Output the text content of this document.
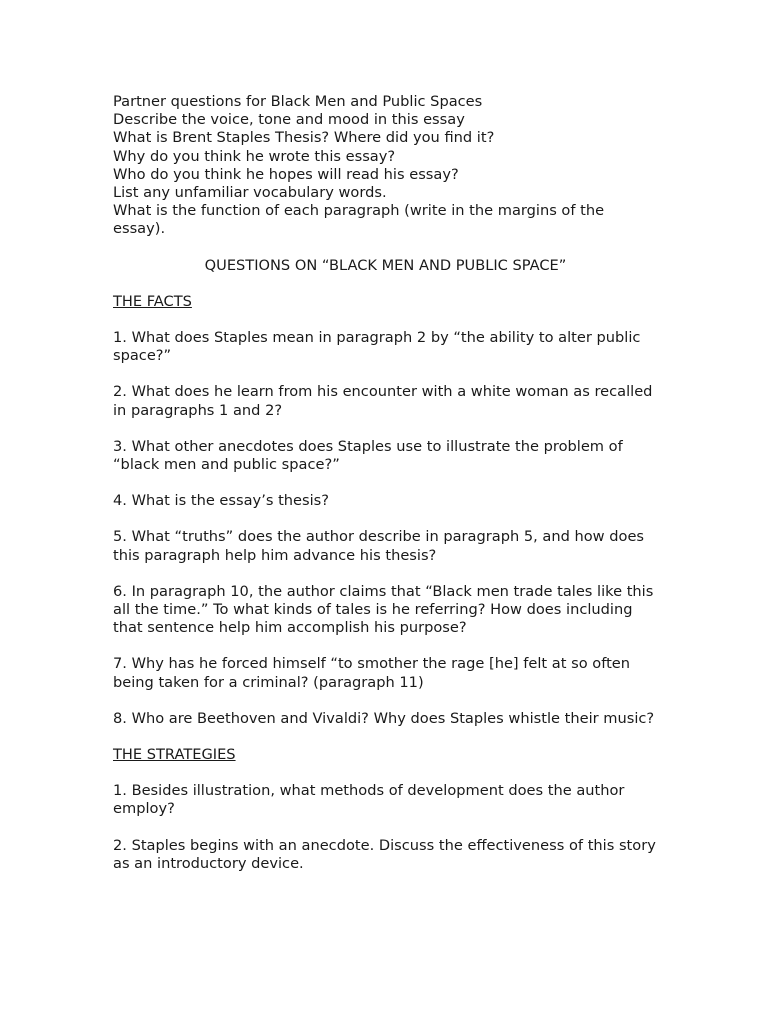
Partner questions for Black Men and Public Spaces
Describe the voice, tone and mood in this essay
What is Brent Staples Thesis? Where did you find it?
Why do you think he wrote this essay?
Who do you think he hopes will read his essay?
List any unfamiliar vocabulary words.
What is the function of each paragraph (write in the margins of the essay).
QUESTIONS ON “BLACK MEN AND PUBLIC SPACE”
THE FACTS
1. What does Staples mean in paragraph 2 by “the ability to alter public space?”
2. What does he learn from his encounter with a white woman as recalled in paragraphs 1 and 2?
3. What other anecdotes does Staples use to illustrate the problem of “black men and public space?”
4. What is the essay’s thesis?
5. What “truths” does the author describe in paragraph 5, and how does this paragraph help him advance his thesis?
6. In paragraph 10, the author claims that “Black men trade tales like this all the time.” To what kinds of tales is he referring? How does including that sentence help him accomplish his purpose?
7. Why has he forced himself “to smother the rage [he] felt at so often being taken for a criminal? (paragraph 11)
8. Who are Beethoven and Vivaldi? Why does Staples whistle their music?
THE STRATEGIES
1. Besides illustration, what methods of development does the author employ?
2. Staples begins with an anecdote. Discuss the effectiveness of this story as an introductory device.
